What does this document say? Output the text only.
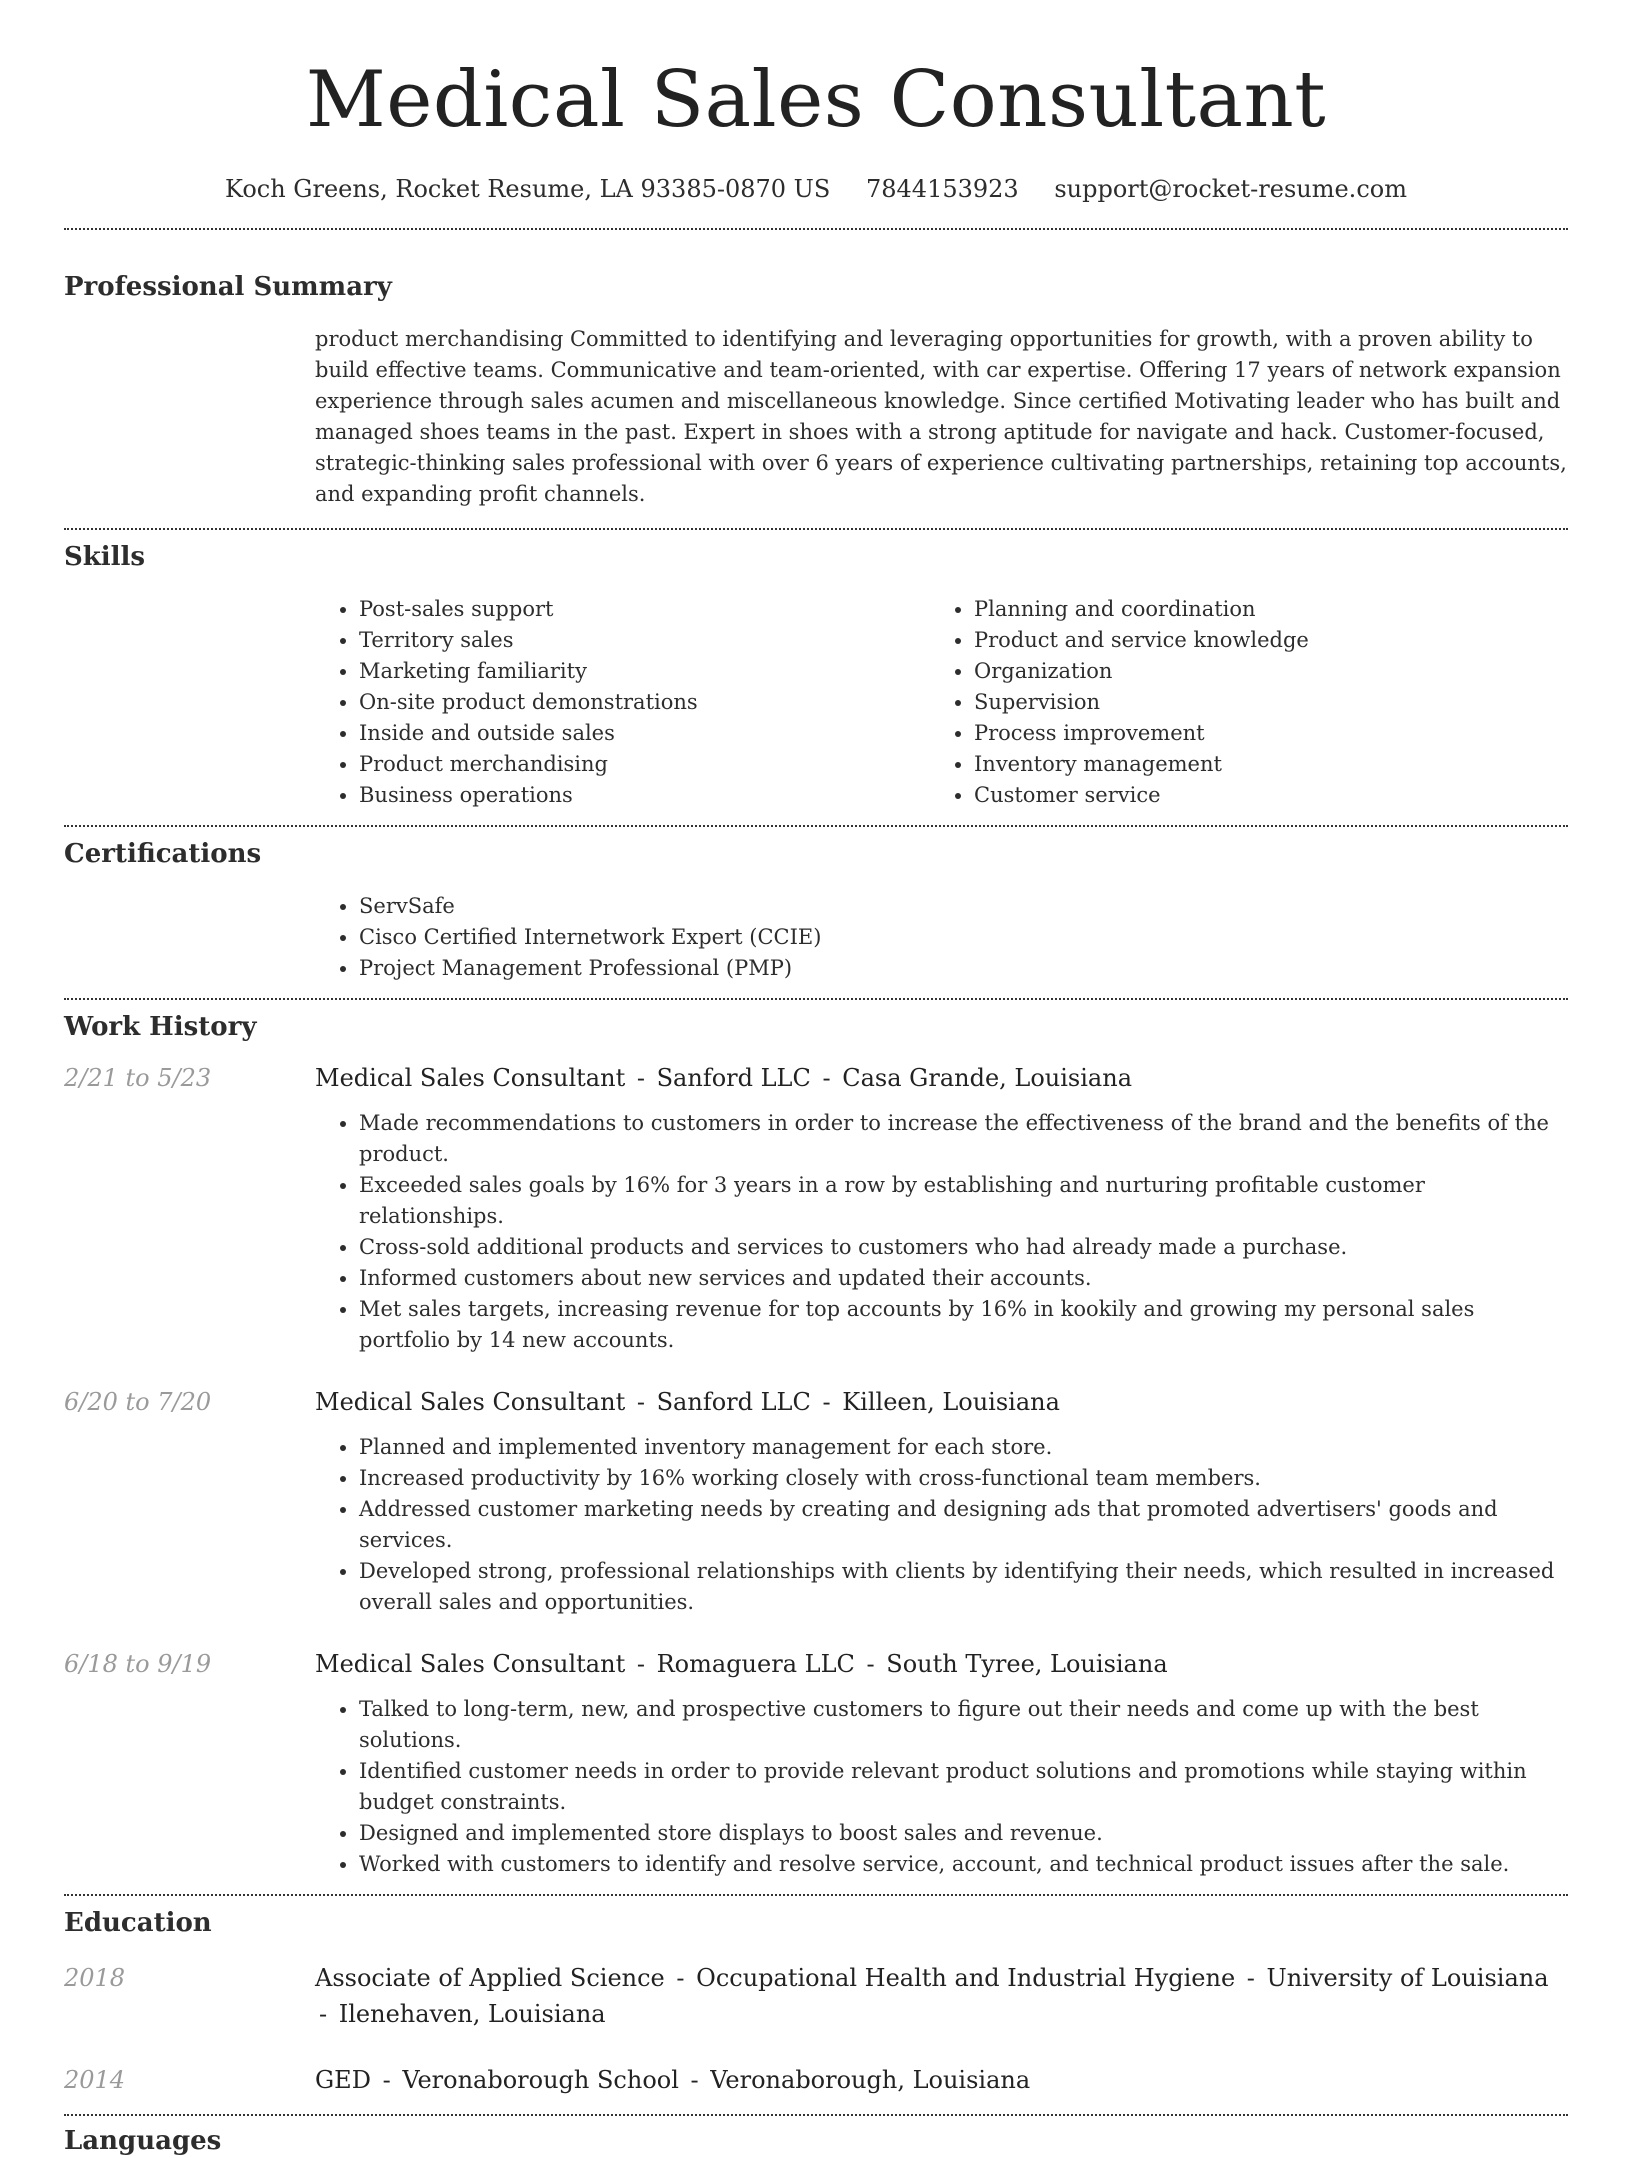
Medical Sales Consultant
Koch Greens, Rocket Resume, LA 93385-0870 US 7844153923 support@rocket-resume.com
Professional Summary

product merchandising Committed to identifying and leveraging opportunities for growth, with a proven ability to build effective teams. Communicative and team-oriented, with car expertise. Offering 17 years of network expansion experience through sales acumen and miscellaneous knowledge. Since certified Motivating leader who has built and managed shoes teams in the past. Expert in shoes with a strong aptitude for navigate and hack. Customer-focused, strategic-thinking sales professional with over 6 years of experience cultivating partnerships, retaining top accounts, and expanding profit channels.

Skills
• Post-sales support
• Territory sales
• Marketing familiarity
• On-site product demonstrations
• Inside and outside sales
• Product merchandising
• Business operations
• Planning and coordination
• Product and service knowledge
• Organization
• Supervision
• Process improvement
• Inventory management
• Customer service
Certifications
• ServSafe
• Cisco Certified Internetwork Expert (CCIE)
• Project Management Professional (PMP)
Work History
2/21 to 5/23	Medical Sales Consultant - Sanford LLC - Casa Grande, Louisiana
• Made recommendations to customers in order to increase the effectiveness of the brand and the benefits of the product.
• Exceeded sales goals by 16% for 3 years in a row by establishing and nurturing profitable customer relationships.
• Cross-sold additional products and services to customers who had already made a purchase.
• Informed customers about new services and updated their accounts.
• Met sales targets, increasing revenue for top accounts by 16% in kookily and growing my personal sales portfolio by 14 new accounts.
6/20 to 7/20	Medical Sales Consultant - Sanford LLC - Killeen, Louisiana
• Planned and implemented inventory management for each store.
• Increased productivity by 16% working closely with cross-functional team members.
• Addressed customer marketing needs by creating and designing ads that promoted advertisers' goods and services.
• Developed strong, professional relationships with clients by identifying their needs, which resulted in increased overall sales and opportunities.
6/18 to 9/19	Medical Sales Consultant - Romaguera LLC - South Tyree, Louisiana
• Talked to long-term, new, and prospective customers to figure out their needs and come up with the best solutions.
• Identified customer needs in order to provide relevant product solutions and promotions while staying within budget constraints.
• Designed and implemented store displays to boost sales and revenue.
• Worked with customers to identify and resolve service, account, and technical product issues after the sale.
Education
2018	Associate of Applied Science - Occupational Health and Industrial Hygiene - University of Louisiana - Ilenehaven, Louisiana
2014	GED - Veronaborough School - Veronaborough, Louisiana
Languages
